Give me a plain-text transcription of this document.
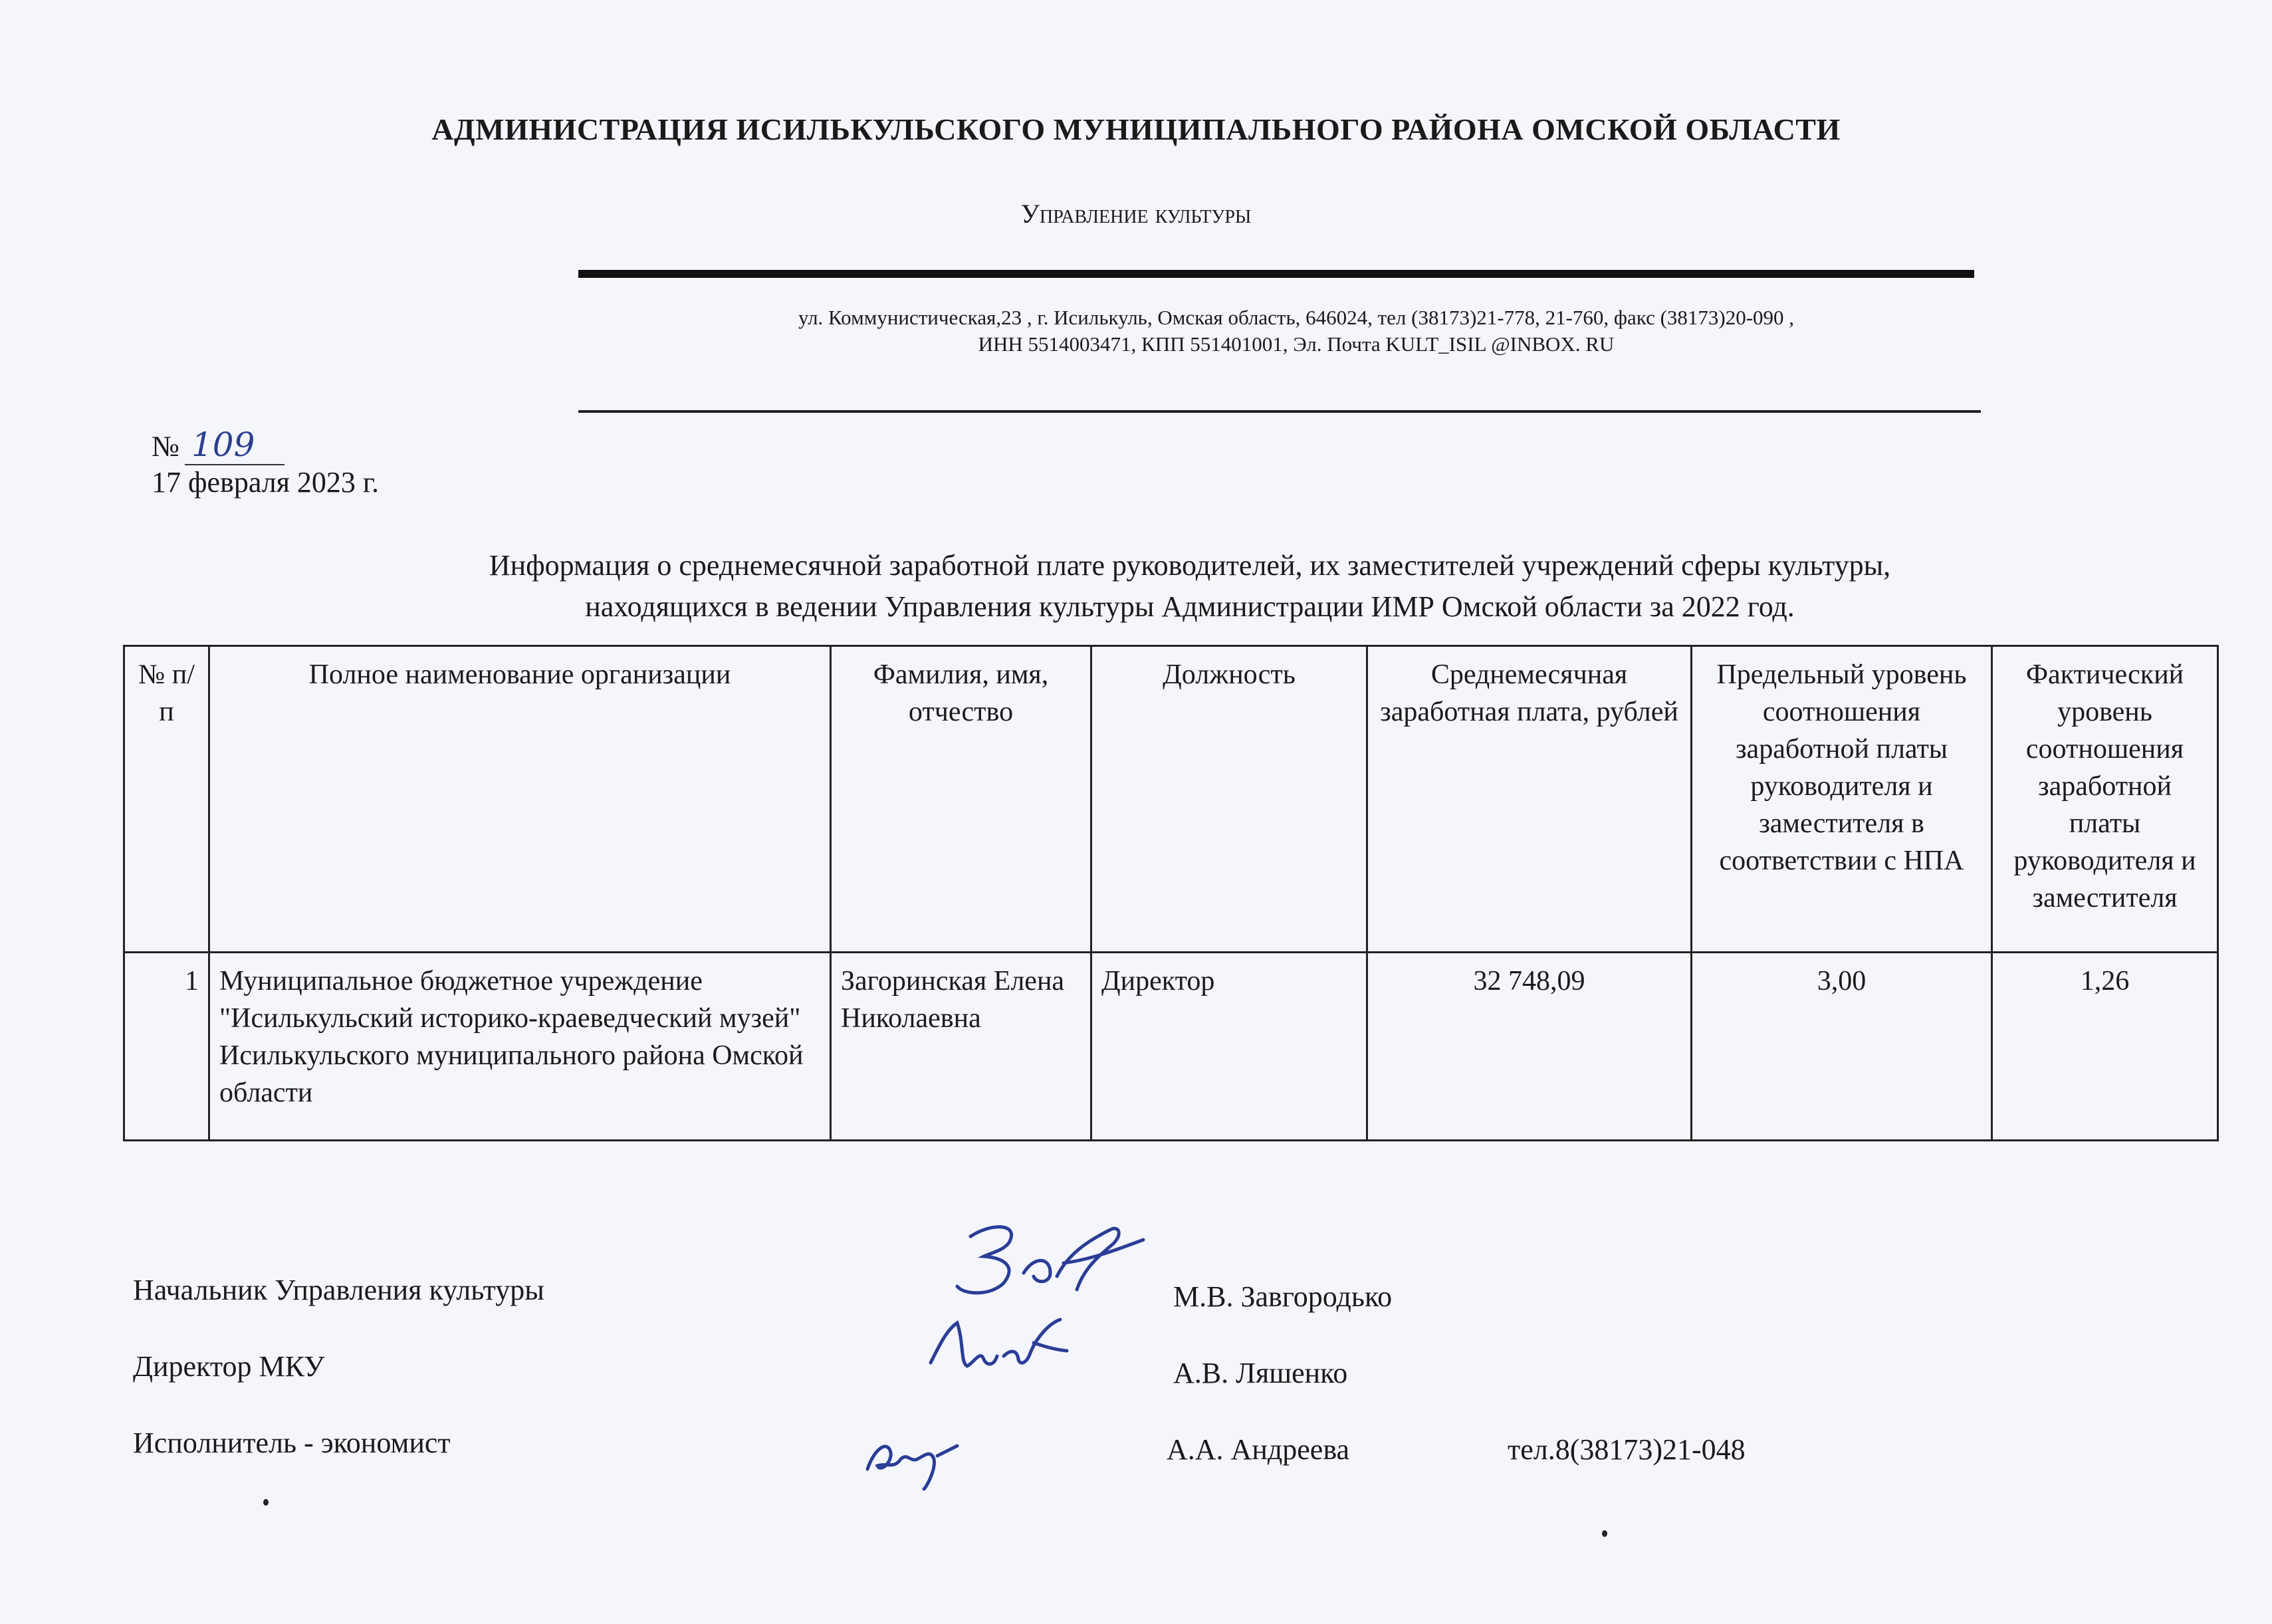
АДМИНИСТРАЦИЯ ИСИЛЬКУЛЬСКОГО МУНИЦИПАЛЬНОГО РАЙОНА ОМСКОЙ ОБЛАСТИ
Управление культуры
ул. Коммунистическая,23 , г. Исилькуль, Омская область, 646024, тел (38173)21-778, 21-760, факс (38173)20-090 ,
ИНН 5514003471, КПП 551401001, Эл. Почта KULT_ISIL @INBOX. RU
№ 109
17 февраля 2023 г.
Информация о среднемесячной заработной плате руководителей, их заместителей учреждений сферы культуры,
находящихся в ведении Управления культуры Администрации ИМР Омской области за 2022 год.
№ п/п	Полное наименование организации	Фамилия, имя, отчество	Должность	Среднемесячная заработная плата, рублей	Предельный уровень соотношения заработной платы руководителя и заместителя в соответствии с НПА	Фактический уровень соотношения заработной платы руководителя и заместителя
1	Муниципальное бюджетное учреждение "Исилькульский историко-краеведческий музей" Исилькульского муниципального района Омской области	Загоринская Елена Николаевна	Директор	32 748,09	3,00	1,26
Начальник Управления культуры	М.В. Завгородько
Директор МКУ	А.В. Ляшенко
Исполнитель - экономист	А.А. Андреева	тел.8(38173)21-048
